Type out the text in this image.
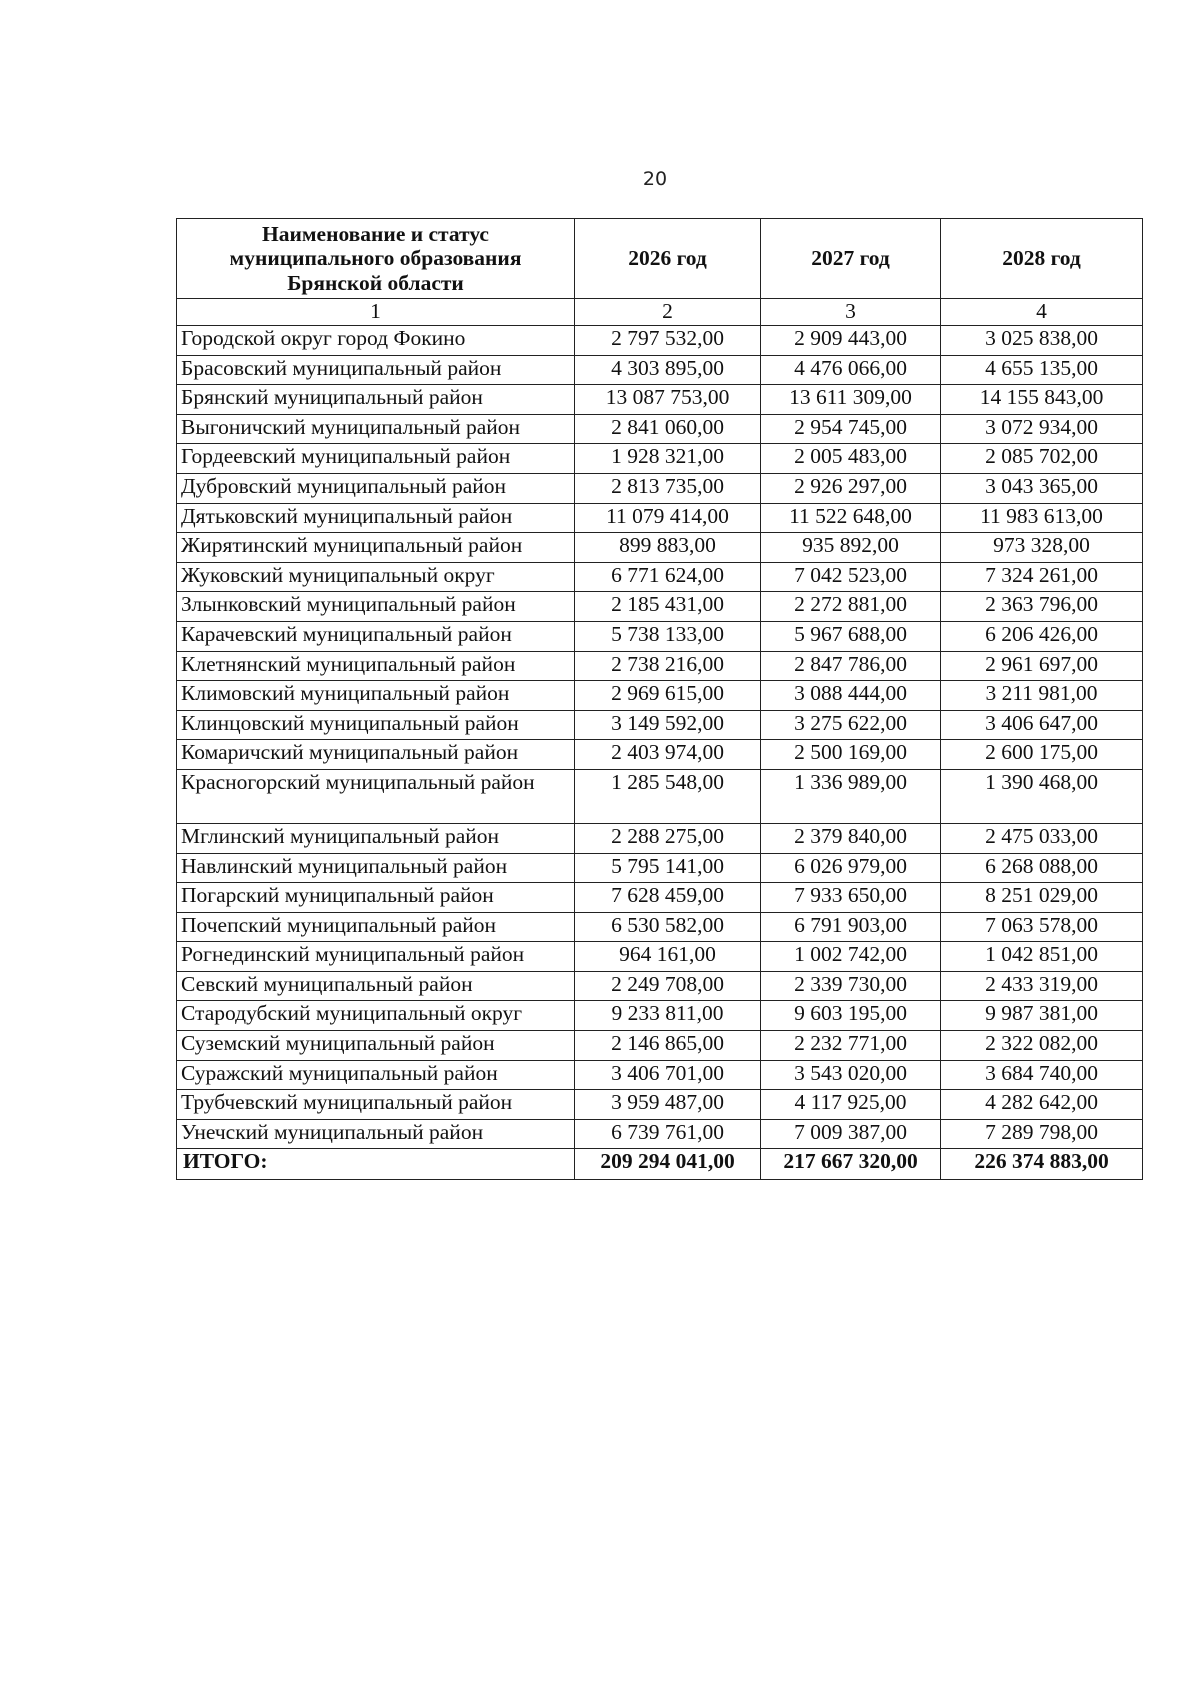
20
Наименование и статус муниципального образования Брянской области	2026 год	2027 год	2028 год
1	2	3	4
Городской округ город Фокино	2 797 532,00	2 909 443,00	3 025 838,00
Брасовский муниципальный район	4 303 895,00	4 476 066,00	4 655 135,00
Брянский муниципальный район	13 087 753,00	13 611 309,00	14 155 843,00
Выгоничский муниципальный район	2 841 060,00	2 954 745,00	3 072 934,00
Гордеевский муниципальный район	1 928 321,00	2 005 483,00	2 085 702,00
Дубровский муниципальный район	2 813 735,00	2 926 297,00	3 043 365,00
Дятьковский муниципальный район	11 079 414,00	11 522 648,00	11 983 613,00
Жирятинский муниципальный район	899 883,00	935 892,00	973 328,00
Жуковский муниципальный округ	6 771 624,00	7 042 523,00	7 324 261,00
Злынковский муниципальный район	2 185 431,00	2 272 881,00	2 363 796,00
Карачевский муниципальный район	5 738 133,00	5 967 688,00	6 206 426,00
Клетнянский муниципальный район	2 738 216,00	2 847 786,00	2 961 697,00
Климовский муниципальный район	2 969 615,00	3 088 444,00	3 211 981,00
Клинцовский муниципальный район	3 149 592,00	3 275 622,00	3 406 647,00
Комаричский муниципальный район	2 403 974,00	2 500 169,00	2 600 175,00
Красногорский муниципальный район	1 285 548,00	1 336 989,00	1 390 468,00
Мглинский муниципальный район	2 288 275,00	2 379 840,00	2 475 033,00
Навлинский муниципальный район	5 795 141,00	6 026 979,00	6 268 088,00
Погарский муниципальный район	7 628 459,00	7 933 650,00	8 251 029,00
Почепский муниципальный район	6 530 582,00	6 791 903,00	7 063 578,00
Рогнединский муниципальный район	964 161,00	1 002 742,00	1 042 851,00
Севский муниципальный район	2 249 708,00	2 339 730,00	2 433 319,00
Стародубский муниципальный округ	9 233 811,00	9 603 195,00	9 987 381,00
Суземский муниципальный район	2 146 865,00	2 232 771,00	2 322 082,00
Суражский муниципальный район	3 406 701,00	3 543 020,00	3 684 740,00
Трубчевский муниципальный район	3 959 487,00	4 117 925,00	4 282 642,00
Унечский муниципальный район	6 739 761,00	7 009 387,00	7 289 798,00
ИТОГО:	209 294 041,00	217 667 320,00	226 374 883,00
